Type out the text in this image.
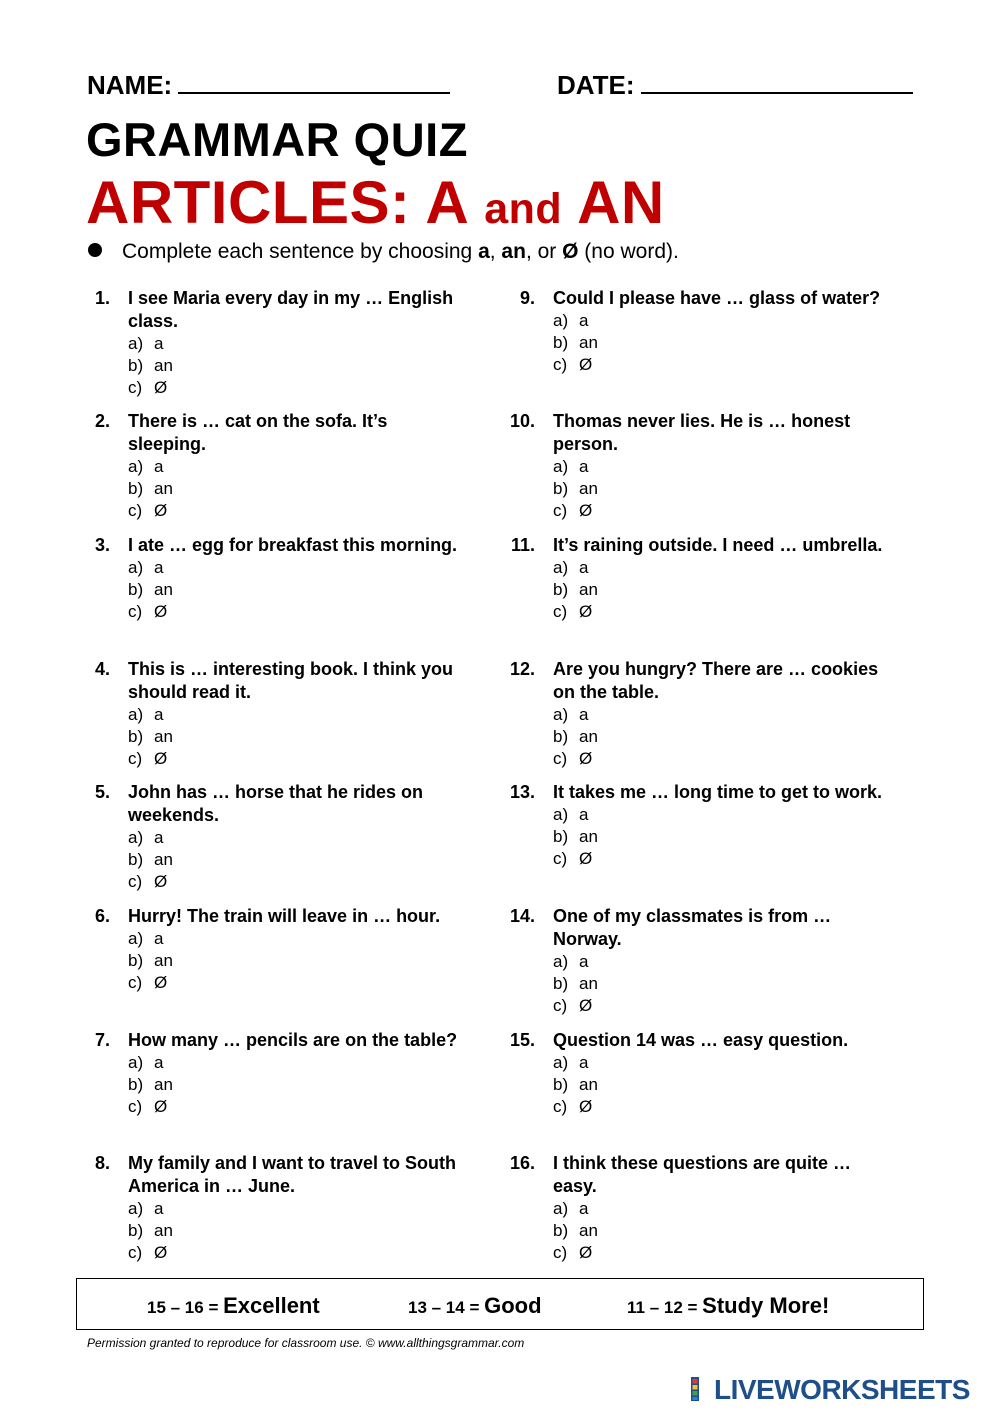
NAME:	DATE:
GRAMMAR QUIZ
ARTICLES: A and AN
Complete each sentence by choosing a, an, or Ø (no word).
1. I see Maria every day in my … English class.
a) a
b) an
c) Ø
2. There is … cat on the sofa. It’s sleeping.
a) a
b) an
c) Ø
3. I ate … egg for breakfast this morning.
a) a
b) an
c) Ø
4. This is … interesting book. I think you should read it.
a) a
b) an
c) Ø
5. John has … horse that he rides on weekends.
a) a
b) an
c) Ø
6. Hurry! The train will leave in … hour.
a) a
b) an
c) Ø
7. How many … pencils are on the table?
a) a
b) an
c) Ø
8. My family and I want to travel to South America in … June.
a) a
b) an
c) Ø
9. Could I please have … glass of water?
a) a
b) an
c) Ø
10. Thomas never lies. He is … honest person.
a) a
b) an
c) Ø
11. It’s raining outside. I need … umbrella.
a) a
b) an
c) Ø
12. Are you hungry? There are … cookies on the table.
a) a
b) an
c) Ø
13. It takes me … long time to get to work.
a) a
b) an
c) Ø
14. One of my classmates is from … Norway.
a) a
b) an
c) Ø
15. Question 14 was … easy question.
a) a
b) an
c) Ø
16. I think these questions are quite … easy.
a) a
b) an
c) Ø
15 – 16 = Excellent	13 – 14 = Good	11 – 12 = Study More!
Permission granted to reproduce for classroom use. © www.allthingsgrammar.com
LIVEWORKSHEETS
